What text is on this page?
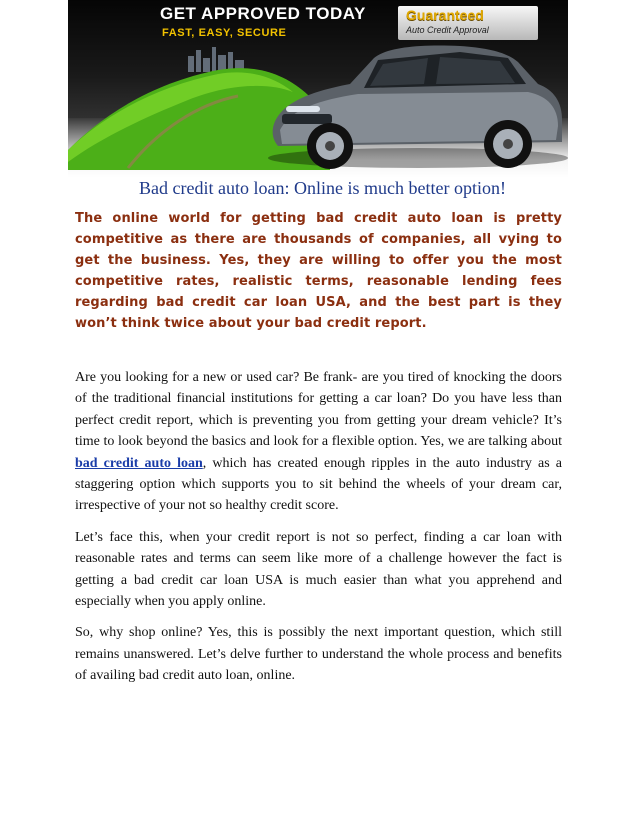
GET APPROVED TODAY
FAST, EASY, SECURE
Guaranteed
Auto Credit Approval
Bad credit auto loan: Online is much better option!

The online world for getting bad credit auto loan is pretty competitive as there are thousands of companies, all vying to get the business. Yes, they are willing to offer you the most competitive rates, realistic terms, reasonable lending fees regarding bad credit car loan USA, and the best part is they won’t think twice about your bad credit report.

Are you looking for a new or used car? Be frank- are you tired of knocking the doors of the traditional financial institutions for getting a car loan? Do you have less than perfect credit report, which is preventing you from getting your dream vehicle? It’s time to look beyond the basics and look for a flexible option. Yes, we are talking about bad credit auto loan, which has created enough ripples in the auto industry as a staggering option which supports you to sit behind the wheels of your dream car, irrespective of your not so healthy credit score.

Let’s face this, when your credit report is not so perfect, finding a car loan with reasonable rates and terms can seem like more of a challenge however the fact is getting a bad credit car loan USA is much easier than what you apprehend and especially when you apply online.

So, why shop online? Yes, this is possibly the next important question, which still remains unanswered. Let’s delve further to understand the whole process and benefits of availing bad credit auto loan, online.
